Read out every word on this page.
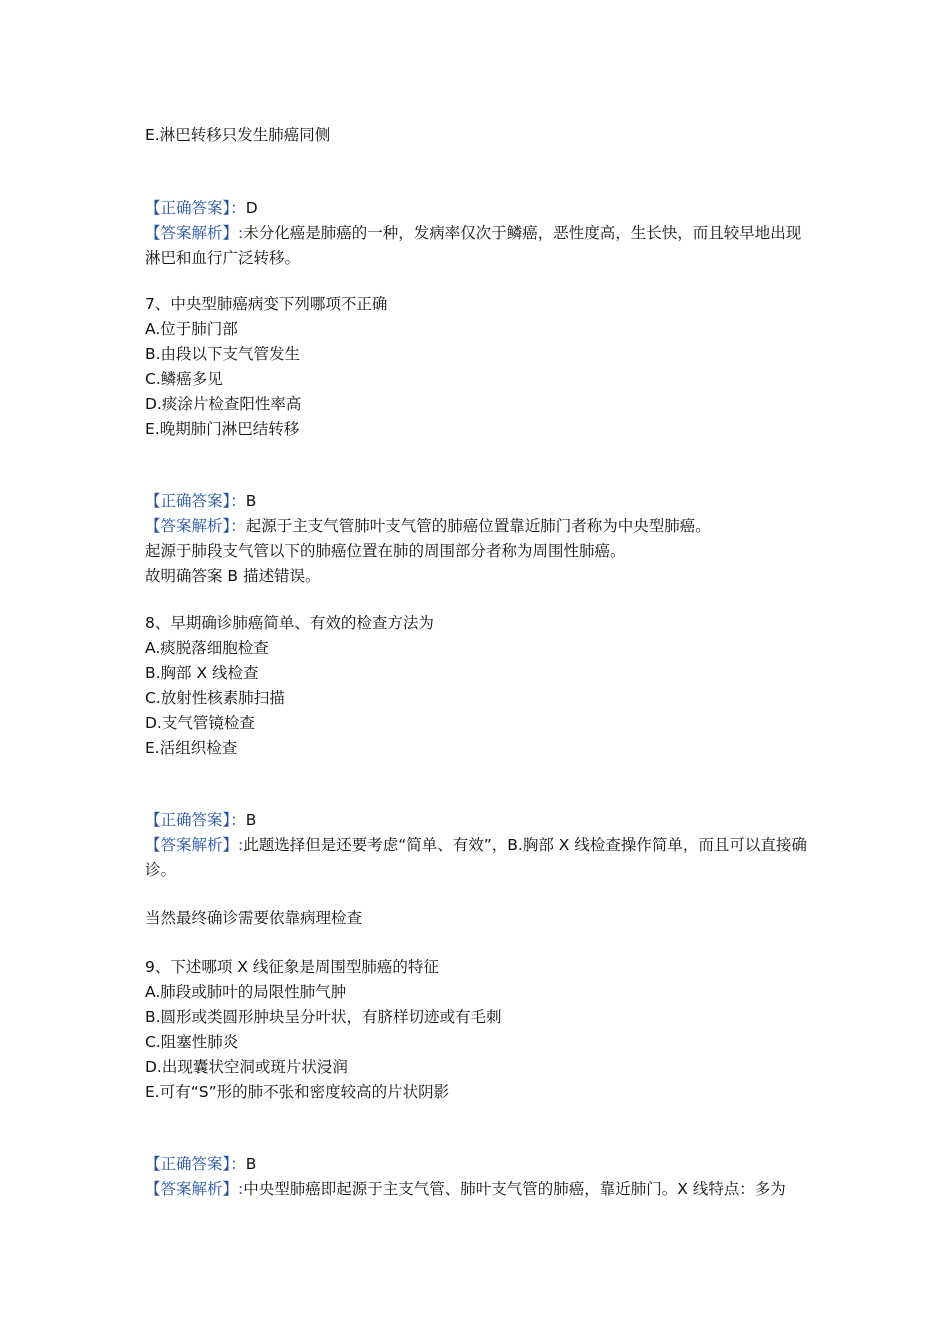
E.淋巴转移只发生肺癌同侧
【正确答案】：D
【答案解析】:未分化癌是肺癌的一种，发病率仅次于鳞癌，恶性度高，生长快，而且较早地出现淋巴和血行广泛转移。
7、中央型肺癌病变下列哪项不正确
A.位于肺门部
B.由段以下支气管发生
C.鳞癌多见
D.痰涂片检查阳性率高
E.晚期肺门淋巴结转移
【正确答案】：B
【答案解析】：起源于主支气管肺叶支气管的肺癌位置靠近肺门者称为中央型肺癌。
起源于肺段支气管以下的肺癌位置在肺的周围部分者称为周围性肺癌。
故明确答案 B 描述错误。
8、早期确诊肺癌简单、有效的检查方法为
A.痰脱落细胞检查
B.胸部 X 线检查
C.放射性核素肺扫描
D.支气管镜检查
E.活组织检查
【正确答案】：B
【答案解析】:此题选择但是还要考虑“简单、有效”，B.胸部 X 线检查操作简单，而且可以直接确诊。
当然最终确诊需要依靠病理检查
9、下述哪项 X 线征象是周围型肺癌的特征
A.肺段或肺叶的局限性肺气肿
B.圆形或类圆形肿块呈分叶状，有脐样切迹或有毛刺
C.阻塞性肺炎
D.出现囊状空洞或斑片状浸润
E.可有“S”形的肺不张和密度较高的片状阴影
【正确答案】：B
【答案解析】:中央型肺癌即起源于主支气管、肺叶支气管的肺癌，靠近肺门。X 线特点：多为
